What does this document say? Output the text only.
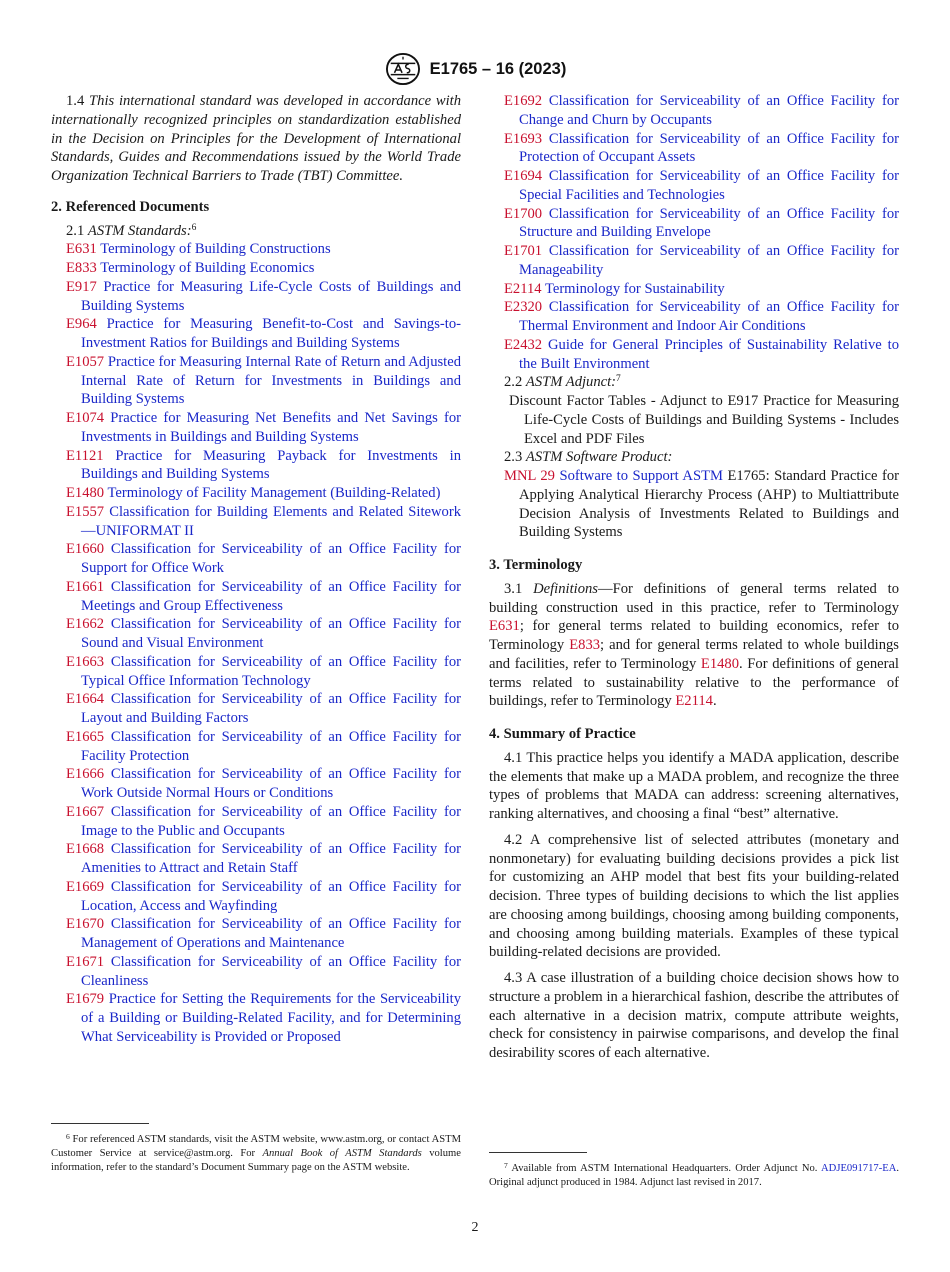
E1765 – 16 (2023)

1.4 This international standard was developed in accordance with internationally recognized principles on standardization established in the Decision on Principles for the Development of International Standards, Guides and Recommendations issued by the World Trade Organization Technical Barriers to Trade (TBT) Committee.

2. Referenced Documents

2.1 ASTM Standards:$^6$

E631 Terminology of Building Constructions

E833 Terminology of Building Economics

E917 Practice for Measuring Life-Cycle Costs of Buildings and Building Systems

E964 Practice for Measuring Benefit-to-Cost and Savings-to-Investment Ratios for Buildings and Building Systems

E1057 Practice for Measuring Internal Rate of Return and Adjusted Internal Rate of Return for Investments in Buildings and Building Systems

E1074 Practice for Measuring Net Benefits and Net Savings for Investments in Buildings and Building Systems

E1121 Practice for Measuring Payback for Investments in Buildings and Building Systems

E1480 Terminology of Facility Management (Building-Related)

E1557 Classification for Building Elements and Related Sitework—UNIFORMAT II

E1660 Classification for Serviceability of an Office Facility for Support for Office Work

E1661 Classification for Serviceability of an Office Facility for Meetings and Group Effectiveness

E1662 Classification for Serviceability of an Office Facility for Sound and Visual Environment

E1663 Classification for Serviceability of an Office Facility for Typical Office Information Technology

E1664 Classification for Serviceability of an Office Facility for Layout and Building Factors

E1665 Classification for Serviceability of an Office Facility for Facility Protection

E1666 Classification for Serviceability of an Office Facility for Work Outside Normal Hours or Conditions

E1667 Classification for Serviceability of an Office Facility for Image to the Public and Occupants

E1668 Classification for Serviceability of an Office Facility for Amenities to Attract and Retain Staff

E1669 Classification for Serviceability of an Office Facility for Location, Access and Wayfinding

E1670 Classification for Serviceability of an Office Facility for Management of Operations and Maintenance

E1671 Classification for Serviceability of an Office Facility for Cleanliness

E1679 Practice for Setting the Requirements for the Serviceability of a Building or Building-Related Facility, and for Determining What Serviceability is Provided or Proposed

$^6$ For referenced ASTM standards, visit the ASTM website, www.astm.org, or contact ASTM Customer Service at service@astm.org. For Annual Book of ASTM Standards volume information, refer to the standard’s Document Summary page on the ASTM website.

E1692 Classification for Serviceability of an Office Facility for Change and Churn by Occupants

E1693 Classification for Serviceability of an Office Facility for Protection of Occupant Assets

E1694 Classification for Serviceability of an Office Facility for Special Facilities and Technologies

E1700 Classification for Serviceability of an Office Facility for Structure and Building Envelope

E1701 Classification for Serviceability of an Office Facility for Manageability

E2114 Terminology for Sustainability

E2320 Classification for Serviceability of an Office Facility for Thermal Environment and Indoor Air Conditions

E2432 Guide for General Principles of Sustainability Relative to the Built Environment

2.2 ASTM Adjunct:$^7$

Discount Factor Tables - Adjunct to E917 Practice for Measuring Life-Cycle Costs of Buildings and Building Systems - Includes Excel and PDF Files

2.3 ASTM Software Product:

MNL 29 Software to Support ASTM E1765: Standard Practice for Applying Analytical Hierarchy Process (AHP) to Multiattribute Decision Analysis of Investments Related to Buildings and Building Systems

3. Terminology

3.1 Definitions—For definitions of general terms related to building construction used in this practice, refer to Terminology E631; for general terms related to building economics, refer to Terminology E833; and for general terms related to whole buildings and facilities, refer to Terminology E1480. For definitions of general terms related to sustainability relative to the performance of buildings, refer to Terminology E2114.

4. Summary of Practice

4.1 This practice helps you identify a MADA application, describe the elements that make up a MADA problem, and recognize the three types of problems that MADA can address: screening alternatives, ranking alternatives, and choosing a final “best” alternative.

4.2 A comprehensive list of selected attributes (monetary and nonmonetary) for evaluating building decisions provides a pick list for customizing an AHP model that best fits your building-related decision. Three types of building decisions to which the list applies are choosing among buildings, choosing among building components, and choosing among building materials. Examples of these typical building-related decisions are provided.

4.3 A case illustration of a building choice decision shows how to structure a problem in a hierarchical fashion, describe the attributes of each alternative in a decision matrix, compute attribute weights, check for consistency in pairwise comparisons, and develop the final desirability scores of each alternative.

$^7$ Available from ASTM International Headquarters. Order Adjunct No. ADJE091717-EA. Original adjunct produced in 1984. Adjunct last revised in 2017.

2
